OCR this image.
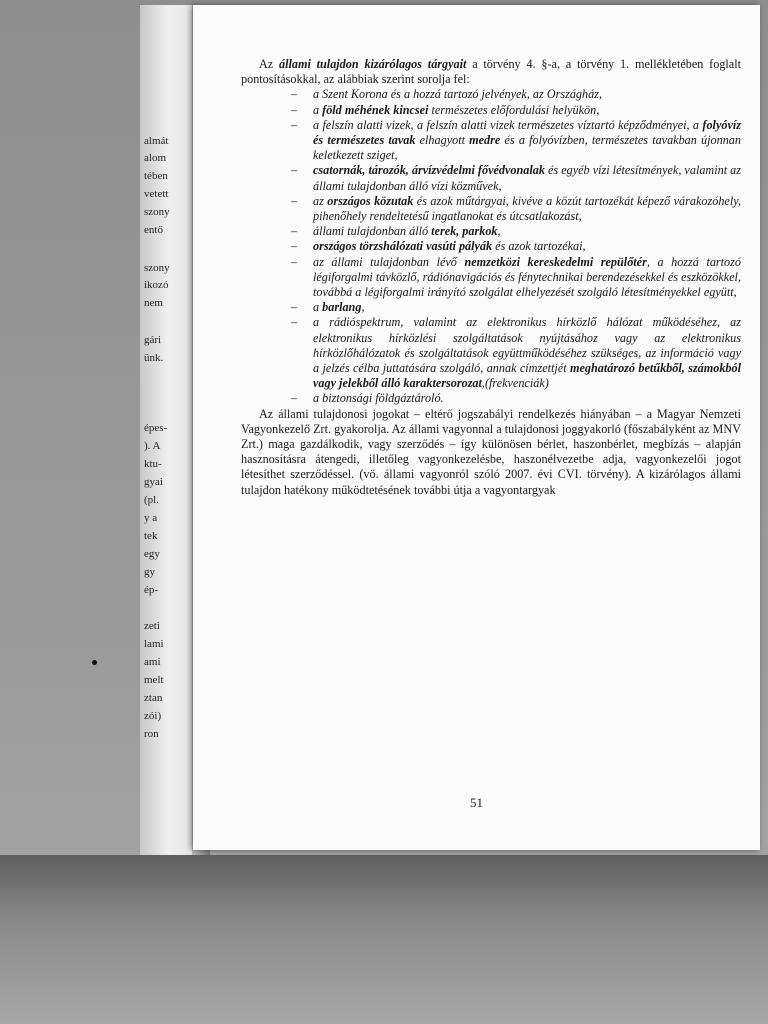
almát
alom
tében
vetett
szony
entő
szony
ikozó
nem
gári
ünk.
épes-
). A
ktu-
gyai
(pl.
y a
tek
egy
gy
ép-
zeti
lami
ami
melt
ztan
zói)
ron

Az állami tulajdon kizárólagos tárgyait a törvény 4. §-a, a törvény 1. mellékletében foglalt pontosításokkal, az alábbiak szerint sorolja fel:

– a Szent Korona és a hozzá tartozó jelvények, az Országház,
– a föld méhének kincsei természetes előfordulási helyükön,
– a felszín alatti vizek, a felszín alatti vizek természetes víztartó képződményei, a folyóvíz és természetes tavak elhagyott medre és a folyóvízben, természetes tavakban újonnan keletkezett sziget,
– csatornák, tározók, árvízvédelmi fővédvonalak és egyéb vízi létesítmények, valamint az állami tulajdonban álló vízi közművek,
– az országos közutak és azok műtárgyai, kivéve a közút tartozékát képező várakozóhely, pihenőhely rendeltetésű ingatlanokat és útcsatlakozást,
– állami tulajdonban álló terek, parkok,
– országos törzshálózati vasúti pályák és azok tartozékai,
– az állami tulajdonban lévő nemzetközi kereskedelmi repülőtér, a hozzá tartozó légiforgalmi távközlő, rádiónavigációs és fénytechnikai berendezésekkel és eszközökkel, továbbá a légiforgalmi irányító szolgálat elhelyezését szolgáló létesítményekkel együtt,
– a barlang,
– a rádióspektrum, valamint az elektronikus hírközlő hálózat működéséhez, az elektronikus hírközlési szolgáltatások nyújtásához vagy az elektronikus hírközlőhálózatok és szolgáltatások együttműködéséhez szükséges, az információ vagy a jelzés célba juttatására szolgáló, annak címzettjét meghatározó betűkből, számokból vagy jelekből álló karaktersorozat,(frekvenciák)
– a biztonsági földgáztároló.

Az állami tulajdonosi jogokat – eltérő jogszabályi rendelkezés hiányában – a Magyar Nemzeti Vagyonkezelő Zrt. gyakorolja. Az állami vagyonnal a tulajdonosi joggyakorló (főszabályként az MNV Zrt.) maga gazdálkodik, vagy szerződés – így különösen bérlet, haszonbérlet, megbízás – alapján hasznosításra átengedi, illetőleg vagyonkezelésbe, haszonélvezetbe adja, vagyonkezelői jogot létesíthet szerződéssel. (vö. állami vagyonról szóló 2007. évi CVI. törvény). A kizárólagos állami tulajdon hatékony működtetésének további útja a vagyontargyak

51
